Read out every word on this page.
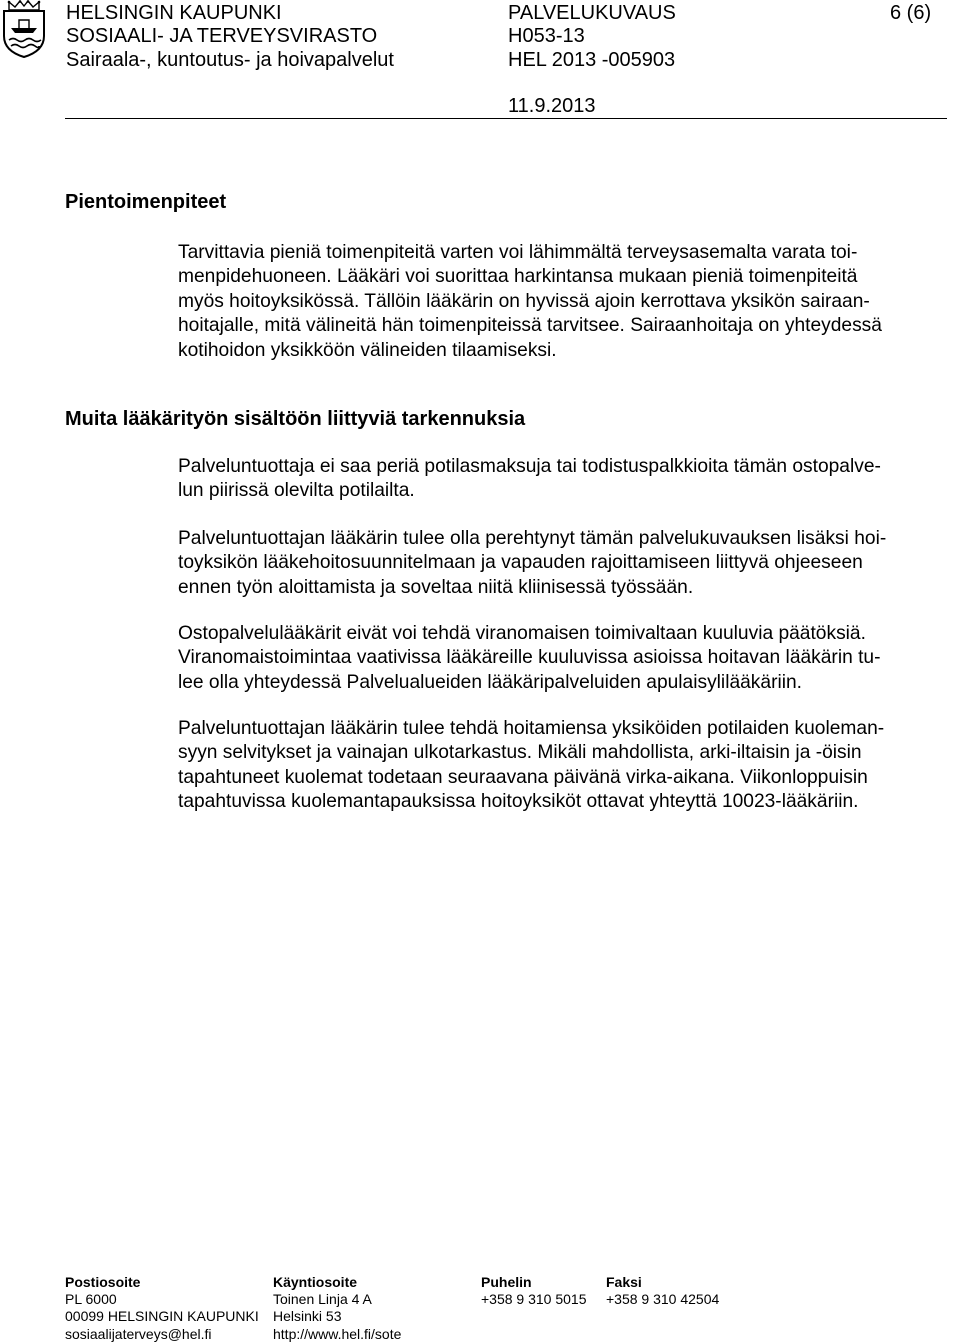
HELSINGIN KAUPUNKI
SOSIAALI- JA TERVEYSVIRASTO
Sairaala-, kuntoutus- ja hoivapalvelut
PALVELUKUVAUS
H053-13
HEL 2013 -005903
6 (6)
11.9.2013
Pientoimenpiteet
Tarvittavia pieniä toimenpiteitä varten voi lähimmältä terveysasemalta varata toi-
menpidehuoneen. Lääkäri voi suorittaa harkintansa mukaan pieniä toimenpiteitä
myös hoitoyksikössä. Tällöin lääkärin on hyvissä ajoin kerrottava yksikön sairaan-
hoitajalle, mitä välineitä hän toimenpiteissä tarvitsee. Sairaanhoitaja on yhteydessä
kotihoidon yksikköön välineiden tilaamiseksi.
Muita lääkärityön sisältöön liittyviä tarkennuksia
Palveluntuottaja ei saa periä potilasmaksuja tai todistuspalkkioita tämän ostopalve-
lun piirissä olevilta potilailta.
Palveluntuottajan lääkärin tulee olla perehtynyt tämän palvelukuvauksen lisäksi hoi-
toyksikön lääkehoitosuunnitelmaan ja vapauden rajoittamiseen liittyvä ohjeeseen
ennen työn aloittamista ja soveltaa niitä kliinisessä työssään.
Ostopalvelulääkärit eivät voi tehdä viranomaisen toimivaltaan kuuluvia päätöksiä.
Viranomaistoimintaa vaativissa lääkäreille kuuluvissa asioissa hoitavan lääkärin tu-
lee olla yhteydessä Palvelualueiden lääkäripalveluiden apulaisylilääkäriin.
Palveluntuottajan lääkärin tulee tehdä hoitamiensa yksiköiden potilaiden kuoleman-
syyn selvitykset ja vainajan ulkotarkastus. Mikäli mahdollista, arki-iltaisin ja -öisin
tapahtuneet kuolemat todetaan seuraavana päivänä virka-aikana. Viikonloppuisin
tapahtuvissa kuolemantapauksissa hoitoyksiköt ottavat yhteyttä 10023-lääkäriin.
Postiosoite
PL 6000
00099 HELSINGIN KAUPUNKI
sosiaalijaterveys@hel.fi
Käyntiosoite
Toinen Linja 4 A
Helsinki 53
http://www.hel.fi/sote
Puhelin
+358 9 310 5015
Faksi
+358 9 310 42504
